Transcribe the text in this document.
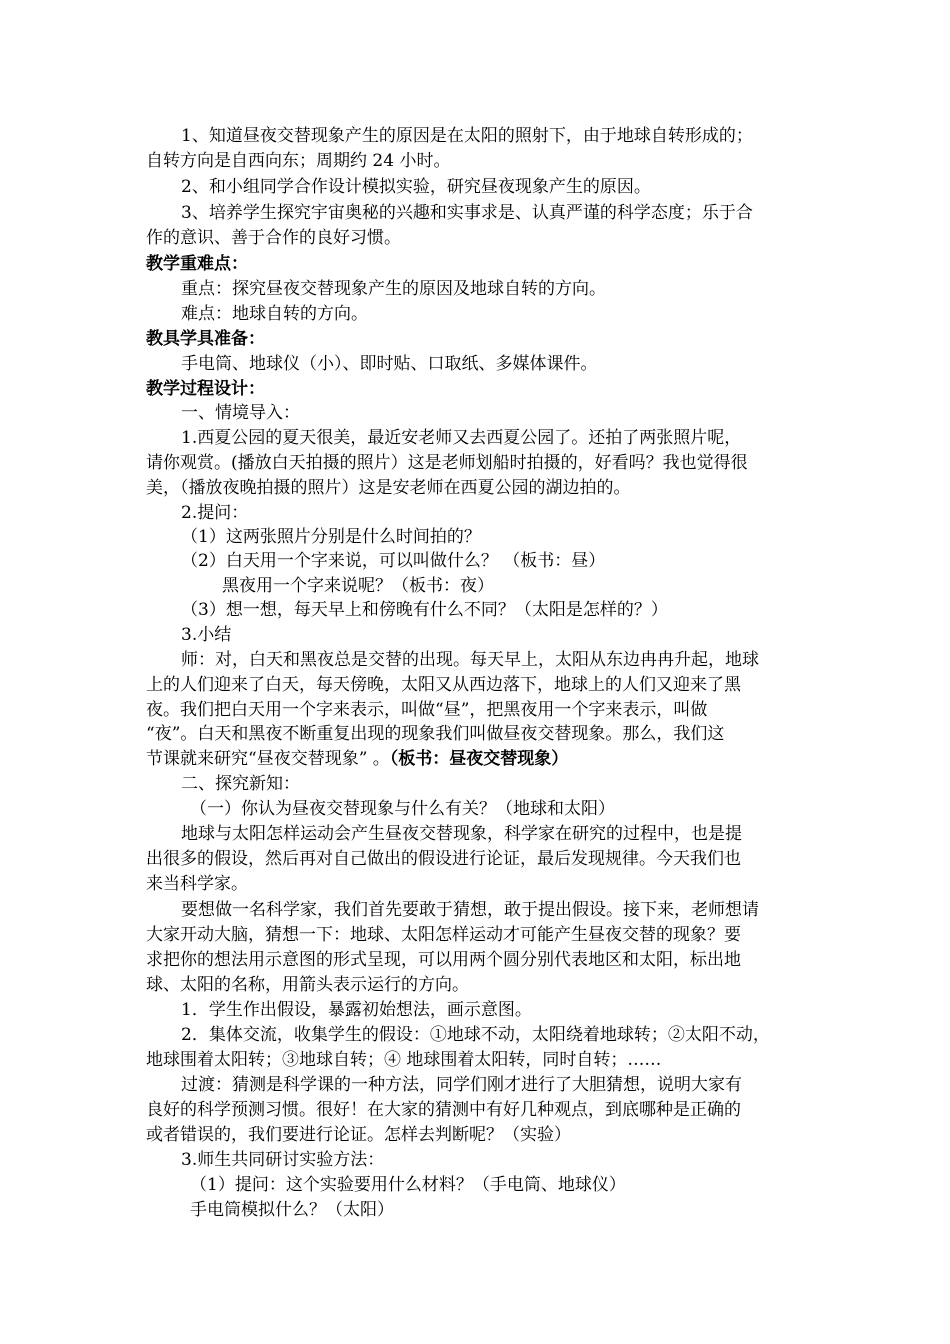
1、知道昼夜交替现象产生的原因是在太阳的照射下，由于地球自转形成的；
自转方向是自西向东；周期约 24 小时。
2、和小组同学合作设计模拟实验，研究昼夜现象产生的原因。
3、培养学生探究宇宙奥秘的兴趣和实事求是、认真严谨的科学态度；乐于合
作的意识、善于合作的良好习惯。
教学重难点：
重点：探究昼夜交替现象产生的原因及地球自转的方向。
难点：地球自转的方向。
教具学具准备：
手电筒、地球仪（小）、即时贴、口取纸、多媒体课件。
教学过程设计：
一、情境导入：
1.西夏公园的夏天很美，最近安老师又去西夏公园了。还拍了两张照片呢，
请你观赏。(播放白天拍摄的照片）这是老师划船时拍摄的，好看吗？我也觉得很
美，（播放夜晚拍摄的照片）这是安老师在西夏公园的湖边拍的。
2.提问：
（1）这两张照片分别是什么时间拍的？
（2）白天用一个字来说，可以叫做什么？ （板书：昼）
黑夜用一个字来说呢？（板书：夜）
（3）想一想，每天早上和傍晚有什么不同？（太阳是怎样的？）
3.小结
师：对，白天和黑夜总是交替的出现。每天早上，太阳从东边冉冉升起，地球
上的人们迎来了白天，每天傍晚，太阳又从西边落下，地球上的人们又迎来了黑
夜。我们把白天用一个字来表示，叫做“昼”，把黑夜用一个字来表示，叫做
“夜”。白天和黑夜不断重复出现的现象我们叫做昼夜交替现象。那么，我们这
节课就来研究“昼夜交替现象” 。（板书：昼夜交替现象）
二、探究新知：
（一）你认为昼夜交替现象与什么有关？（地球和太阳）
地球与太阳怎样运动会产生昼夜交替现象，科学家在研究的过程中，也是提
出很多的假设，然后再对自己做出的假设进行论证，最后发现规律。今天我们也
来当科学家。
要想做一名科学家，我们首先要敢于猜想，敢于提出假设。接下来，老师想请
大家开动大脑，猜想一下：地球、太阳怎样运动才可能产生昼夜交替的现象？要
求把你的想法用示意图的形式呈现，可以用两个圆分别代表地区和太阳，标出地
球、太阳的名称，用箭头表示运行的方向。
1．学生作出假设，暴露初始想法，画示意图。
2．集体交流，收集学生的假设：①地球不动，太阳绕着地球转；②太阳不动，
地球围着太阳转；③地球自转；④ 地球围着太阳转，同时自转；……
过渡：猜测是科学课的一种方法，同学们刚才进行了大胆猜想，说明大家有
良好的科学预测习惯。很好！在大家的猜测中有好几种观点，到底哪种是正确的
或者错误的，我们要进行论证。怎样去判断呢？（实验）
3.师生共同研讨实验方法：
（1）提问：这个实验要用什么材料？（手电筒、地球仪）
手电筒模拟什么？（太阳）
